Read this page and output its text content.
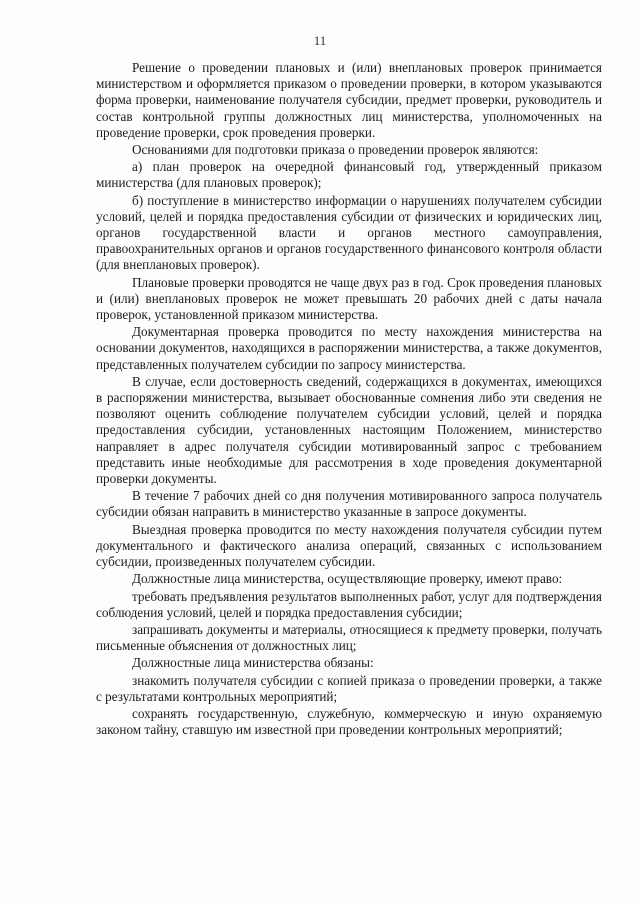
11

Решение о проведении плановых и (или) внеплановых проверок принимается министерством и оформляется приказом о проведении проверки, в котором указываются форма проверки, наименование получателя субсидии, предмет проверки, руководитель и состав контрольной группы должностных лиц министерства, уполномоченных на проведение проверки, срок проведения проверки.

Основаниями для подготовки приказа о проведении проверок являются:

а) план проверок на очередной финансовый год, утвержденный приказом министерства (для плановых проверок);

б) поступление в министерство информации о нарушениях получателем субсидии условий, целей и порядка предоставления субсидии от физических и юридических лиц, органов государственной власти и органов местного самоуправления, правоохранительных органов и органов государственного финансового контроля области (для внеплановых проверок).

Плановые проверки проводятся не чаще двух раз в год. Срок проведения плановых и (или) внеплановых проверок не может превышать 20 рабочих дней с даты начала проверок, установленной приказом министерства.

Документарная проверка проводится по месту нахождения министерства на основании документов, находящихся в распоряжении министерства, а также документов, представленных получателем субсидии по запросу министерства.

В случае, если достоверность сведений, содержащихся в документах, имеющихся в распоряжении министерства, вызывает обоснованные сомнения либо эти сведения не позволяют оценить соблюдение получателем субсидии условий, целей и порядка предоставления субсидии, установленных настоящим Положением, министерство направляет в адрес получателя субсидии мотивированный запрос с требованием представить иные необходимые для рассмотрения в ходе проведения документарной проверки документы.

В течение 7 рабочих дней со дня получения мотивированного запроса получатель субсидии обязан направить в министерство указанные в запросе документы.

Выездная проверка проводится по месту нахождения получателя субсидии путем документального и фактического анализа операций, связанных с использованием субсидии, произведенных получателем субсидии.

Должностные лица министерства, осуществляющие проверку, имеют право:

требовать предъявления результатов выполненных работ, услуг для подтверждения соблюдения условий, целей и порядка предоставления субсидии;

запрашивать документы и материалы, относящиеся к предмету проверки, получать письменные объяснения от должностных лиц;

Должностные лица министерства обязаны:

знакомить получателя субсидии с копией приказа о проведении проверки, а также с результатами контрольных мероприятий;

сохранять государственную, служебную, коммерческую и иную охраняемую законом тайну, ставшую им известной при проведении контрольных мероприятий;
